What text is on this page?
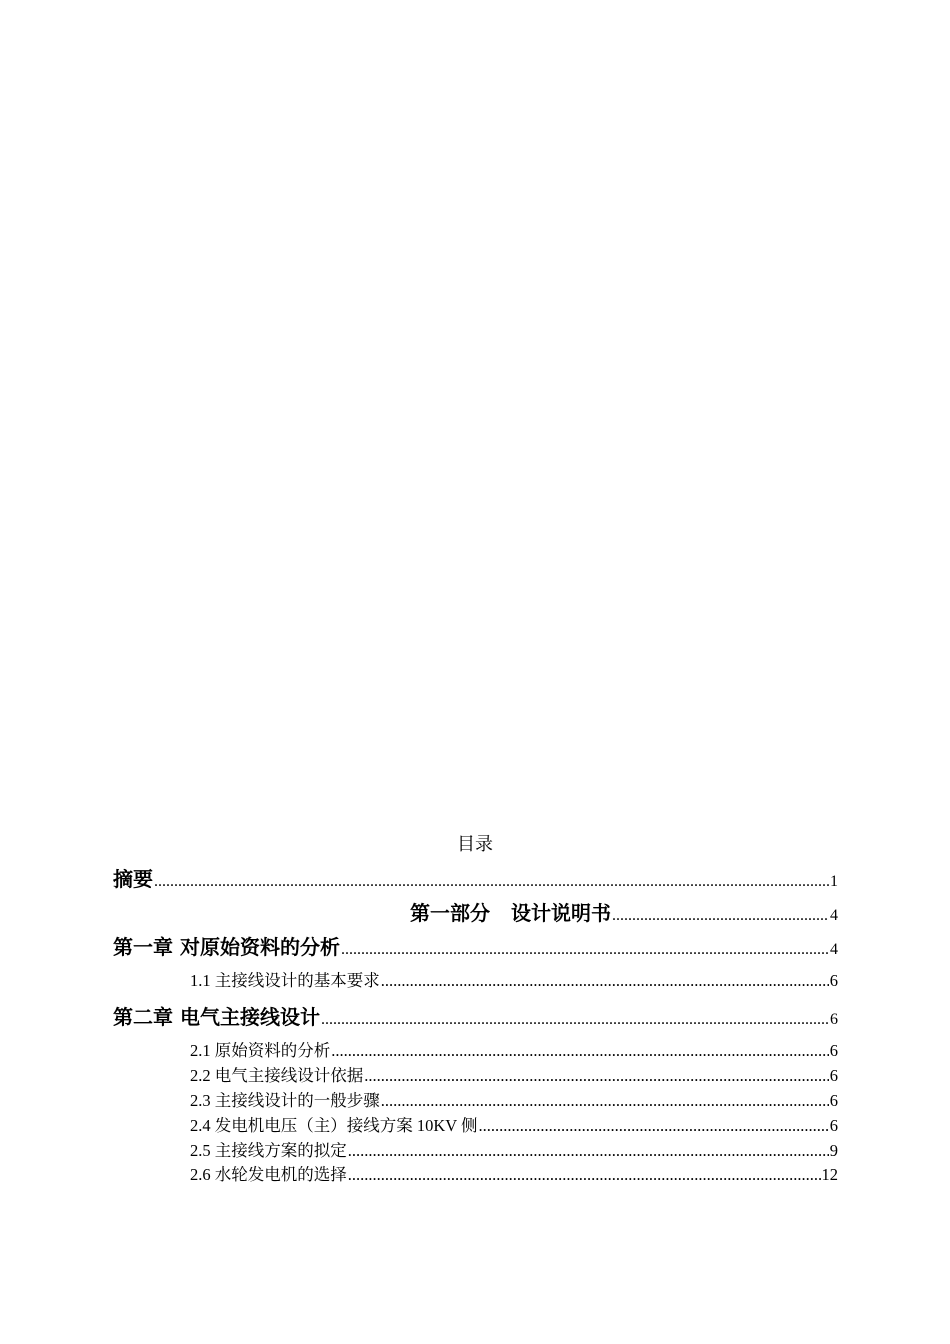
目录
摘要 .....	1
第一部分 设计说明书 .....	4
第一章 对原始资料的分析 .....	4
1.1 主接线设计的基本要求 .....	6
第二章 电气主接线设计 .....	6
2.1 原始资料的分析 .....	6
2.2 电气主接线设计依据 .....	6
2.3 主接线设计的一般步骤 .....	6
2.4 发电机电压（主）接线方案 10KV 侧 .....	6
2.5 主接线方案的拟定 .....	9
2.6 水轮发电机的选择 .....	12
